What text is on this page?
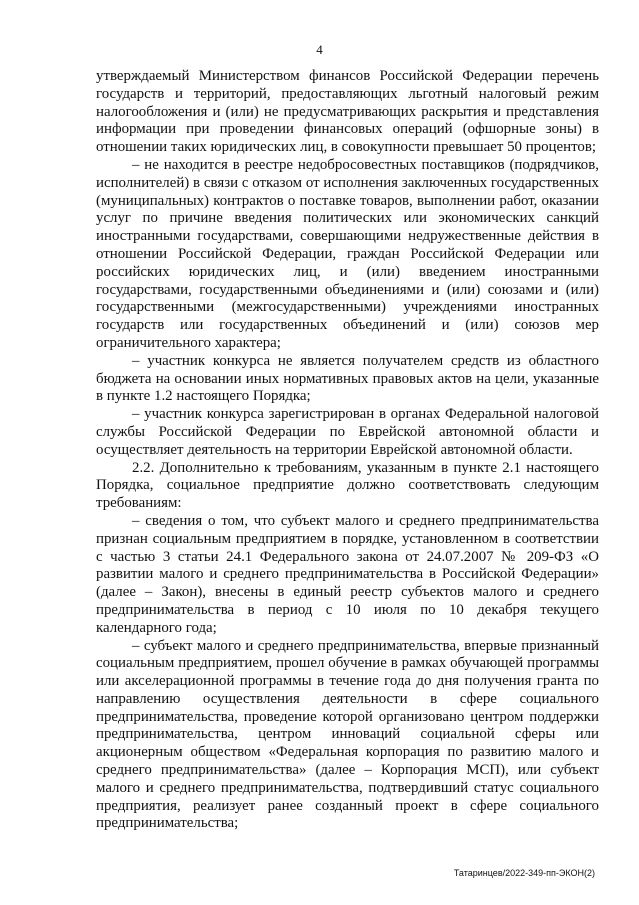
4

утверждаемый Министерством финансов Российской Федерации перечень государств и территорий, предоставляющих льготный налоговый режим налогообложения и (или) не предусматривающих раскрытия и представления информации при проведении финансовых операций (офшорные зоны) в отношении таких юридических лиц, в совокупности превышает 50 процентов;

– не находится в реестре недобросовестных поставщиков (подрядчиков, исполнителей) в связи с отказом от исполнения заключенных государственных (муниципальных) контрактов о поставке товаров, выполнении работ, оказании услуг по причине введения политических или экономических санкций иностранными государствами, совершающими недружественные действия в отношении Российской Федерации, граждан Российской Федерации или российских юридических лиц, и (или) введением иностранными государствами, государственными объединениями и (или) союзами и (или) государственными (межгосударственными) учреждениями иностранных государств или государственных объединений и (или) союзов мер ограничительного характера;

– участник конкурса не является получателем средств из областного бюджета на основании иных нормативных правовых актов на цели, указанные в пункте 1.2 настоящего Порядка;

– участник конкурса зарегистрирован в органах Федеральной налоговой службы Российской Федерации по Еврейской автономной области и осуществляет деятельность на территории Еврейской автономной области.

2.2. Дополнительно к требованиям, указанным в пункте 2.1 настоящего Порядка, социальное предприятие должно соответствовать следующим требованиям:

– сведения о том, что субъект малого и среднего предпринимательства признан социальным предприятием в порядке, установленном в соответствии с частью 3 статьи 24.1 Федерального закона от 24.07.2007 № 209-ФЗ «О развитии малого и среднего предпринимательства в Российской Федерации» (далее – Закон), внесены в единый реестр субъектов малого и среднего предпринимательства в период с 10 июля по 10 декабря текущего календарного года;

– субъект малого и среднего предпринимательства, впервые признанный социальным предприятием, прошел обучение в рамках обучающей программы или акселерационной программы в течение года до дня получения гранта по направлению осуществления деятельности в сфере социального предпринимательства, проведение которой организовано центром поддержки предпринимательства, центром инноваций социальной сферы или акционерным обществом «Федеральная корпорация по развитию малого и среднего предпринимательства» (далее – Корпорация МСП), или субъект малого и среднего предпринимательства, подтвердивший статус социального предприятия, реализует ранее созданный проект в сфере социального предпринимательства;

Татаринцев/2022-349-пп-ЭКОН(2)
